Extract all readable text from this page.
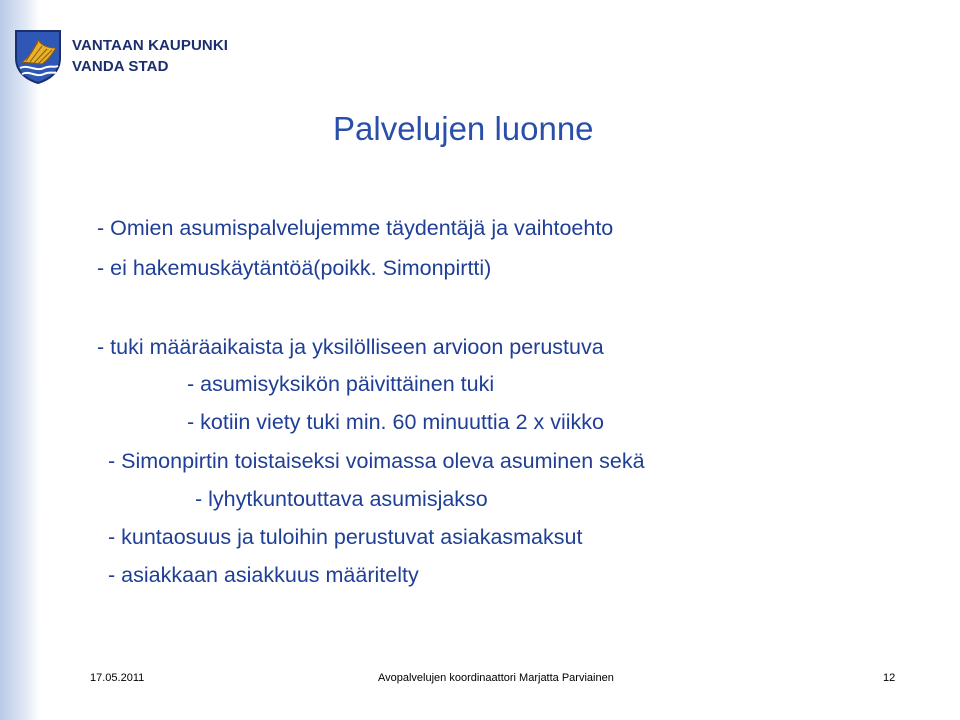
VANTAAN KAUPUNKI
VANDA STAD
Palvelujen luonne
- Omien asumispalvelujemme täydentäjä ja vaihtoehto
- ei hakemuskäytäntöä(poikk. Simonpirtti)
- tuki määräaikaista ja yksilölliseen arvioon perustuva
- asumisyksikön päivittäinen tuki
- kotiin viety tuki min. 60 minuuttia 2 x viikko
- Simonpirtin toistaiseksi voimassa oleva asuminen sekä
- lyhytkuntouttava asumisjakso
- kuntaosuus ja tuloihin perustuvat asiakasmaksut
- asiakkaan asiakkuus määritelty
17.05.2011	Avopalvelujen koordinaattori Marjatta Parviainen	12
